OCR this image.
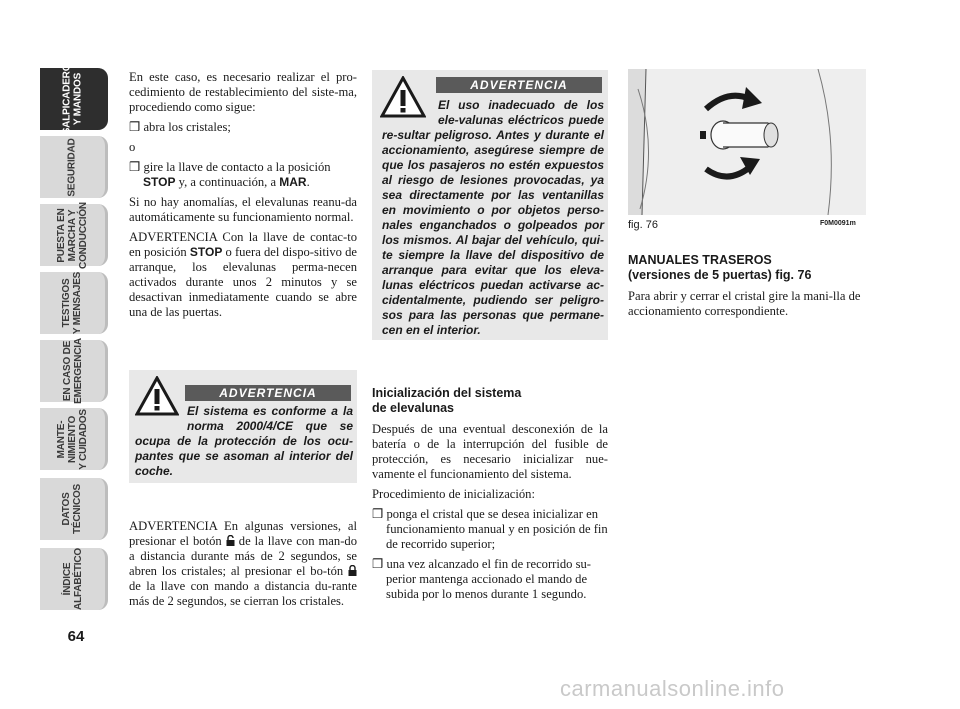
SALPICADERO
Y MANDOS
SEGURIDAD
PUESTA EN
MARCHA Y
CONDUCCIÓN
TESTIGOS
Y MENSAJES
EN CASO DE
EMERGENCIA
MANTE-
NIMIENTO
Y CUIDADOS
DATOS
TÉCNICOS
ÍNDICE
ALFABÉTICO
64

En este caso, es necesario realizar el pro-cedimiento de restablecimiento del siste-ma, procediendo como sigue:

❒ abra los cristales;

o

❒ gire la llave de contacto a la posición STOP y, a continuación, a MAR.

Si no hay anomalías, el elevalunas reanu-da automáticamente su funcionamiento normal.

ADVERTENCIA Con la llave de contac-to en posición STOP o fuera del dispo-sitivo de arranque, los elevalunas perma-necen activados durante unos 2 minutos y se desactivan inmediatamente cuando se abre una de las puertas.

ADVERTENCIA
El sistema es conforme a la norma 2000/4/CE que se ocupa de la protección de los ocu-pantes que se asoman al interior del coche.

ADVERTENCIA En algunas versiones, al presionar el botón de la llave con man-do a distancia durante más de 2 segundos, se abren los cristales; al presionar el bo-tón  de la llave con mando a distancia du-rante más de 2 segundos, se cierran los cristales.

ADVERTENCIA
El uso inadecuado de los ele-valunas eléctricos puede re-sultar peligroso. Antes y durante el accionamiento, asegúrese siempre de que los pasajeros no estén expuestos al riesgo de lesiones provocadas, ya sea directamente por las ventanillas en movimiento o por objetos perso-nales enganchados o golpeados por los mismos. Al bajar del vehículo, qui-te siempre la llave del dispositivo de arranque para evitar que los eleva-lunas eléctricos puedan activarse ac-cidentalmente, pudiendo ser peligro-sos para las personas que permane-cen en el interior.
Inicialización del sistema
de elevalunas

Después de una eventual desconexión de la batería o de la interrupción del fusible de protección, es necesario inicializar nue-vamente el funcionamiento del sistema.

Procedimiento de inicialización:

❒ ponga el cristal que se desea inicializar en funcionamiento manual y en posición de fin de recorrido superior;

❒ una vez alcanzado el fin de recorrido su-perior mantenga accionado el mando de subida por lo menos durante 1 segundo.

fig. 76	F0M0091m
MANUALES TRASEROS
(versiones de 5 puertas) fig. 76

Para abrir y cerrar el cristal gire la mani-lla de accionamiento correspondiente.

carmanualsonline.info
